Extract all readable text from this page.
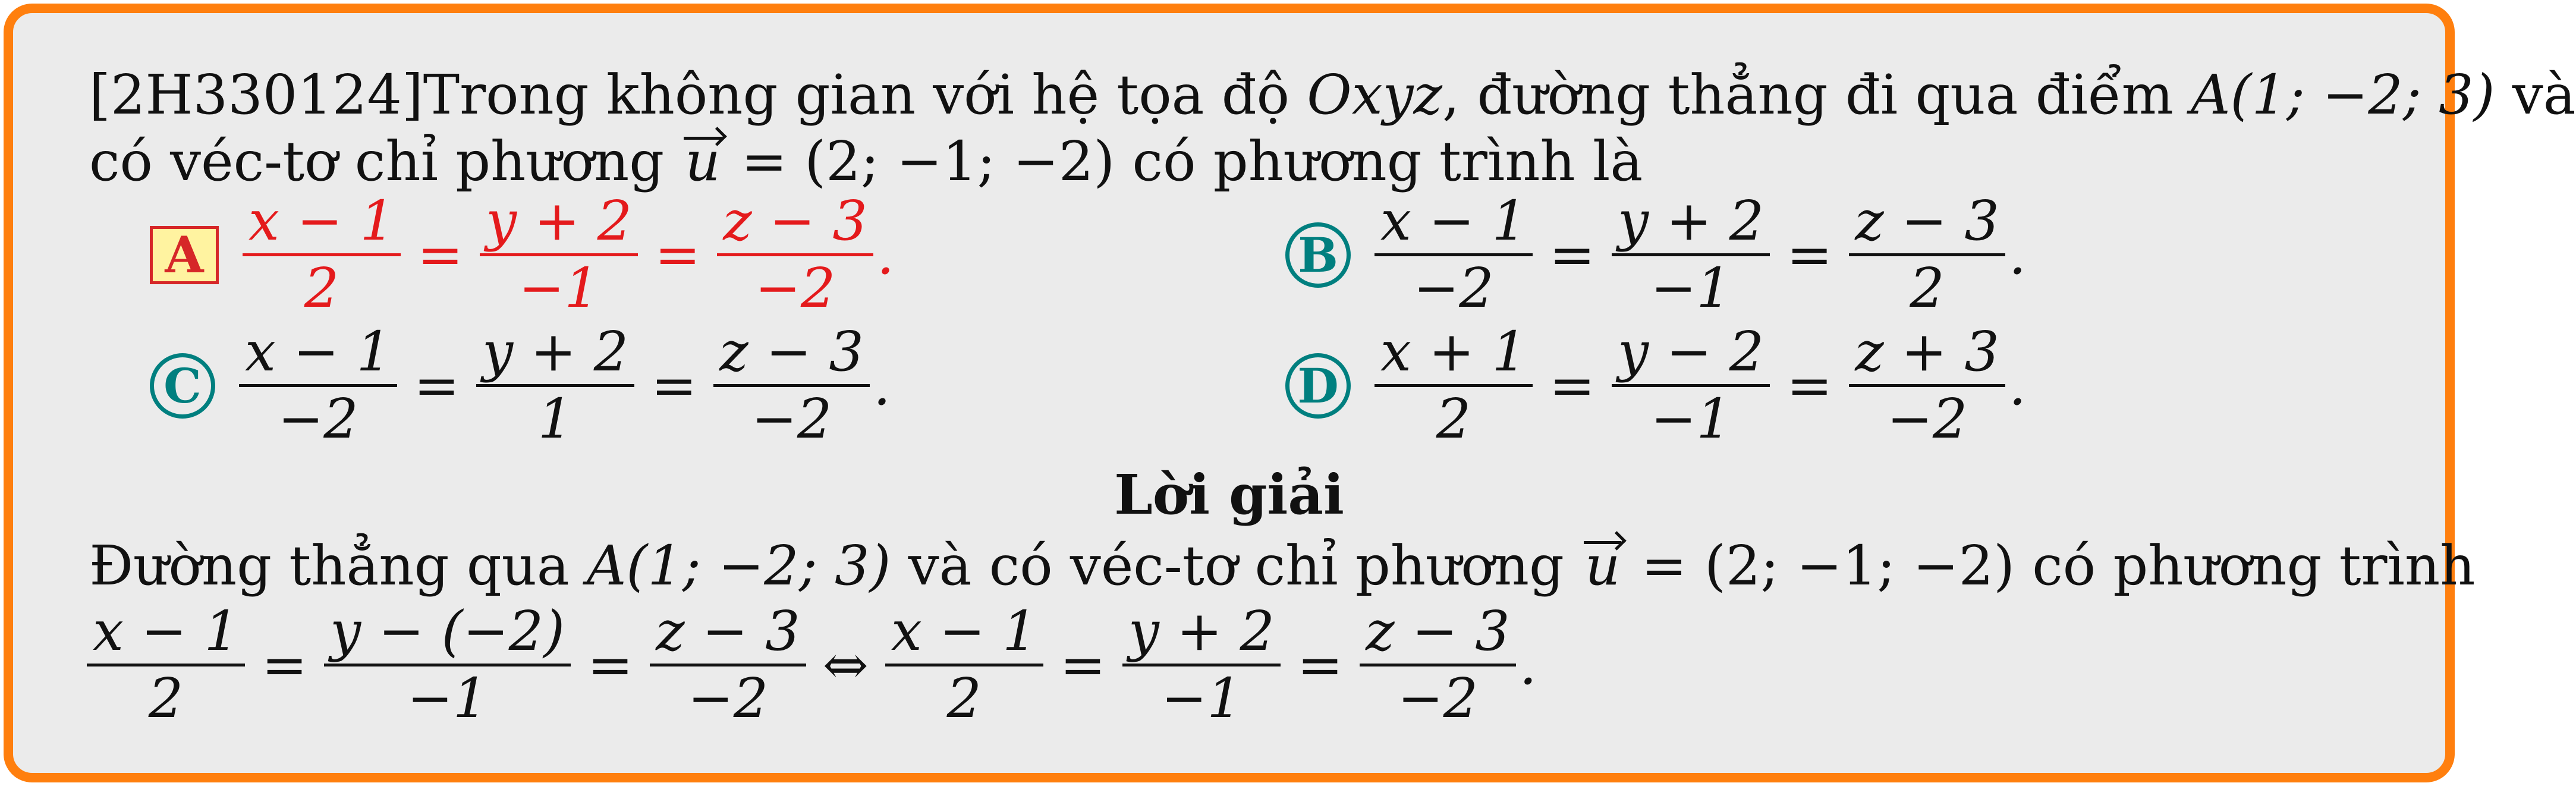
[2H330124]Trong không gian với hệ tọa độ Oxyz, đường thẳng đi qua điểm A(1; −2; 3) và
có véc-tơ chỉ phương u = (2; −1; −2) có phương trình là
A $\frac{x - 1}{2} = \frac{y + 2}{-1} = \frac{z - 3}{-2}$ .	B $\frac{x - 1}{-2} = \frac{y + 2}{-1} = \frac{z - 3}{2}$ .
C $\frac{x - 1}{-2} = \frac{y + 2}{1} = \frac{z - 3}{-2}$ .	D $\frac{x + 1}{2} = \frac{y - 2}{-1} = \frac{z + 3}{-2}$ .
Lời giải
Đường thẳng qua A(1; −2; 3) và có véc-tơ chỉ phương u = (2; −1; −2) có phương trình
$\frac{x - 1}{2} = \frac{y - (-2)}{-1} = \frac{z - 3}{-2}$ ⇔ $\frac{x - 1}{2} = \frac{y + 2}{-1} = \frac{z - 3}{-2}$ .
